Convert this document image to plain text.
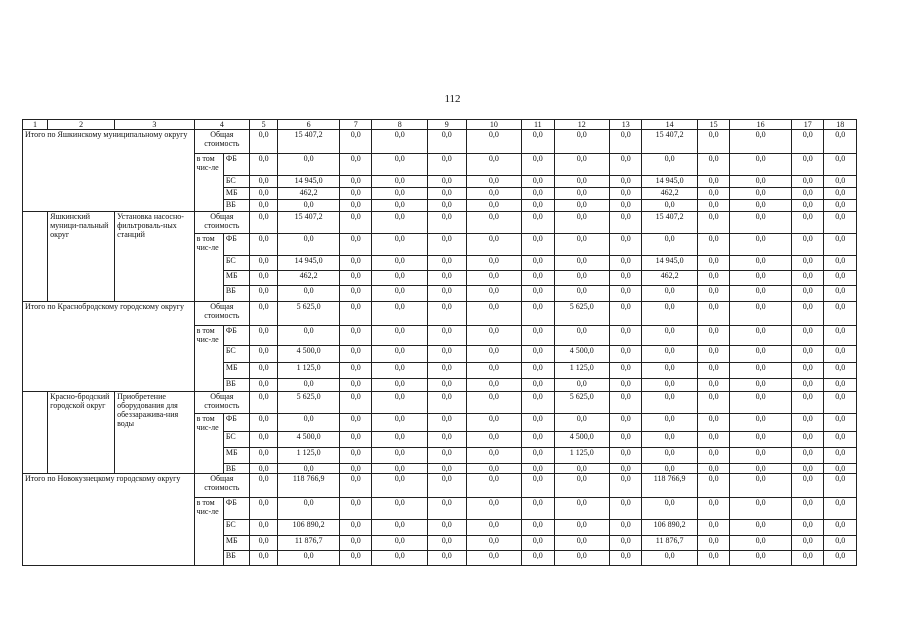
112
1	2	3	4		5	6	7	8	9	10	11	12	13	14	15	16	17	18
Итого по Яшкинскому муниципальному округу			Общая стоимость		0,0	15 407,2	0,0	0,0	0,0	0,0	0,0	0,0	0,0	15 407,2	0,0	0,0	0,0	0,0
			в том чис-ле	ФБ	0,0	0,0	0,0	0,0	0,0	0,0	0,0	0,0	0,0	0,0	0,0	0,0	0,0	0,0
				БС	0,0	14 945,0	0,0	0,0	0,0	0,0	0,0	0,0	0,0	14 945,0	0,0	0,0	0,0	0,0
				МБ	0,0	462,2	0,0	0,0	0,0	0,0	0,0	0,0	0,0	462,2	0,0	0,0	0,0	0,0
				ВБ	0,0	0,0	0,0	0,0	0,0	0,0	0,0	0,0	0,0	0,0	0,0	0,0	0,0	0,0
	Яшкинский муници-пальный округ	Установка насосно-фильтроваль-ных станций	Общая стоимость		0,0	15 407,2	0,0	0,0	0,0	0,0	0,0	0,0	0,0	15 407,2	0,0	0,0	0,0	0,0
			в том чис-ле	ФБ	0,0	0,0	0,0	0,0	0,0	0,0	0,0	0,0	0,0	0,0	0,0	0,0	0,0	0,0
				БС	0,0	14 945,0	0,0	0,0	0,0	0,0	0,0	0,0	0,0	14 945,0	0,0	0,0	0,0	0,0
				МБ	0,0	462,2	0,0	0,0	0,0	0,0	0,0	0,0	0,0	462,2	0,0	0,0	0,0	0,0
				ВБ	0,0	0,0	0,0	0,0	0,0	0,0	0,0	0,0	0,0	0,0	0,0	0,0	0,0	0,0
Итого по Краснобродскому городскому округу			Общая стоимость		0,0	5 625,0	0,0	0,0	0,0	0,0	0,0	5 625,0	0,0	0,0	0,0	0,0	0,0	0,0
			в том чис-ле	ФБ	0,0	0,0	0,0	0,0	0,0	0,0	0,0	0,0	0,0	0,0	0,0	0,0	0,0	0,0
				БС	0,0	4 500,0	0,0	0,0	0,0	0,0	0,0	4 500,0	0,0	0,0	0,0	0,0	0,0	0,0
				МБ	0,0	1 125,0	0,0	0,0	0,0	0,0	0,0	1 125,0	0,0	0,0	0,0	0,0	0,0	0,0
				ВБ	0,0	0,0	0,0	0,0	0,0	0,0	0,0	0,0	0,0	0,0	0,0	0,0	0,0	0,0
	Красно-бродский городской округ	Приобретение оборудования для обеззаражива-ния воды	Общая стоимость		0,0	5 625,0	0,0	0,0	0,0	0,0	0,0	5 625,0	0,0	0,0	0,0	0,0	0,0	0,0
			в том чис-ле	ФБ	0,0	0,0	0,0	0,0	0,0	0,0	0,0	0,0	0,0	0,0	0,0	0,0	0,0	0,0
				БС	0,0	4 500,0	0,0	0,0	0,0	0,0	0,0	4 500,0	0,0	0,0	0,0	0,0	0,0	0,0
				МБ	0,0	1 125,0	0,0	0,0	0,0	0,0	0,0	1 125,0	0,0	0,0	0,0	0,0	0,0	0,0
				ВБ	0,0	0,0	0,0	0,0	0,0	0,0	0,0	0,0	0,0	0,0	0,0	0,0	0,0	0,0
Итого по Новокузнецкому городскому округу			Общая стоимость		0,0	118 766,9	0,0	0,0	0,0	0,0	0,0	0,0	0,0	118 766,9	0,0	0,0	0,0	0,0
			в том чис-ле	ФБ	0,0	0,0	0,0	0,0	0,0	0,0	0,0	0,0	0,0	0,0	0,0	0,0	0,0	0,0
				БС	0,0	106 890,2	0,0	0,0	0,0	0,0	0,0	0,0	0,0	106 890,2	0,0	0,0	0,0	0,0
				МБ	0,0	11 876,7	0,0	0,0	0,0	0,0	0,0	0,0	0,0	11 876,7	0,0	0,0	0,0	0,0
				ВБ	0,0	0,0	0,0	0,0	0,0	0,0	0,0	0,0	0,0	0,0	0,0	0,0	0,0	0,0
